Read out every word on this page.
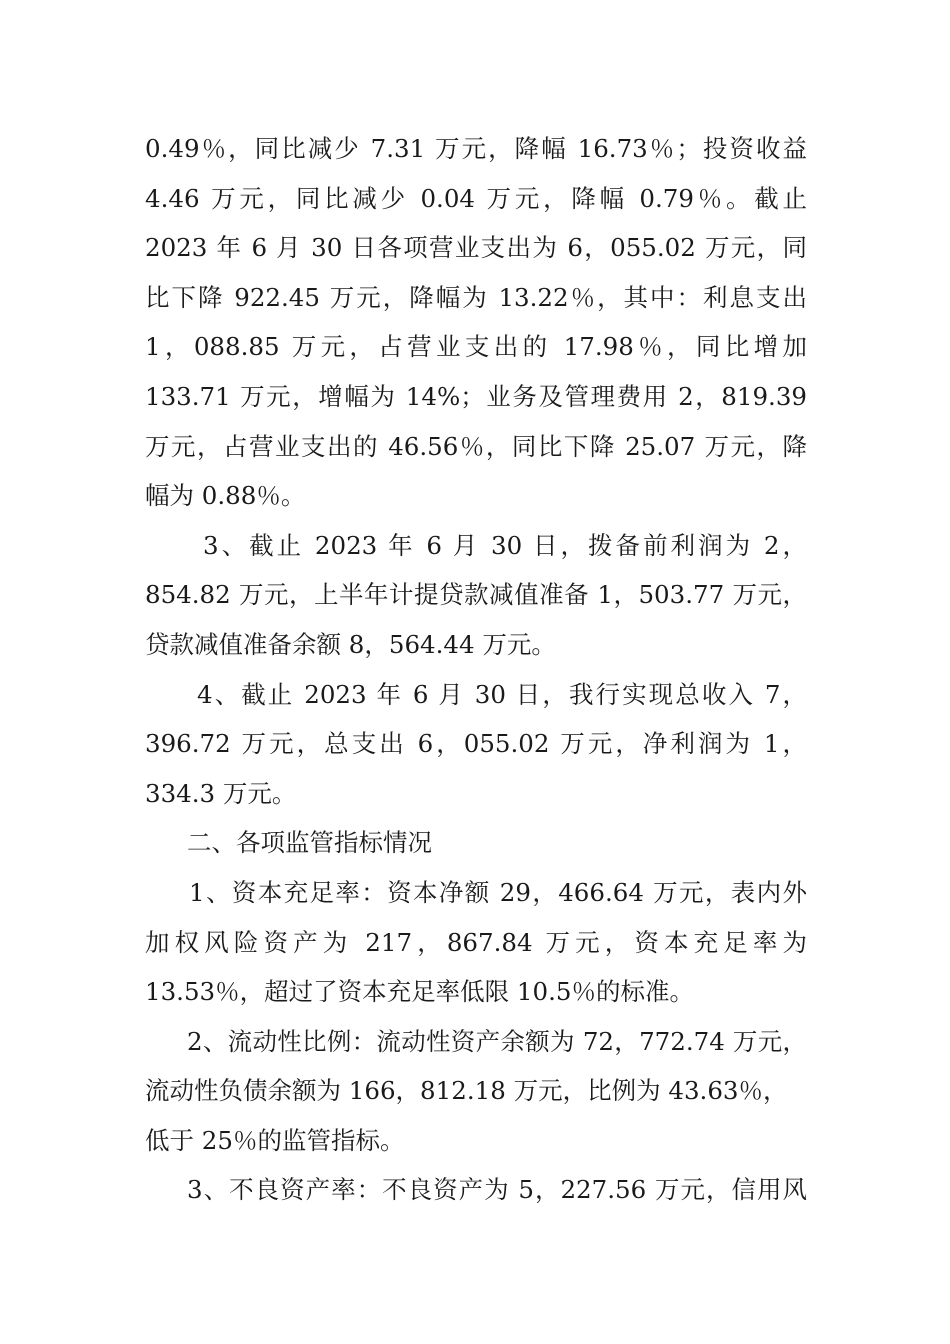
0.49％，同比减少 7.31 万元，降幅 16.73％；投资收益
4.46 万元，同比减少 0.04 万元，降幅 0.79％。截止
2023 年 6 月 30 日各项营业支出为 6，055.02 万元，同
比下降 922.45 万元，降幅为 13.22％，其中：利息支出
1，088.85 万元，占营业支出的 17.98％，同比增加
133.71 万元，增幅为 14%；业务及管理费用 2，819.39
万元，占营业支出的 46.56％，同比下降 25.07 万元，降
幅为 0.88％。
3、截止 2023 年 6 月 30 日，拨备前利润为 2，
854.82 万元，上半年计提贷款减值准备 1，503.77 万元，
贷款减值准备余额 8，564.44 万元。
4、截止 2023 年 6 月 30 日，我行实现总收入 7，
396.72 万元，总支出 6，055.02 万元，净利润为 1，
334.3 万元。
二、各项监管指标情况
1、资本充足率：资本净额 29，466.64 万元，表内外
加权风险资产为 217，867.84 万元，资本充足率为
13.53％，超过了资本充足率低限 10.5％的标准。
2、流动性比例：流动性资产余额为 72，772.74 万元，
流动性负债余额为 166，812.18 万元，比例为 43.63％，
低于 25％的监管指标。
3、不良资产率：不良资产为 5，227.56 万元，信用风
